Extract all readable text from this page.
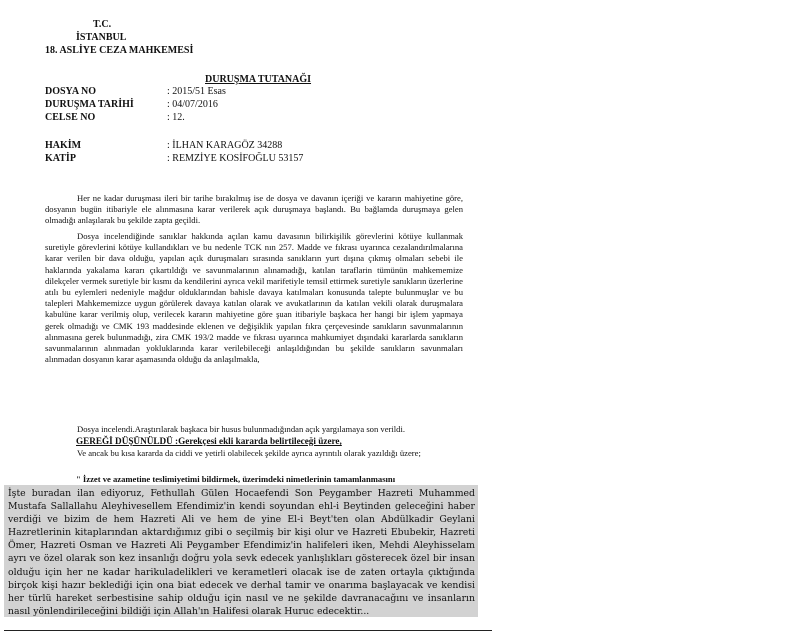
T.C.
İSTANBUL
18. ASLİYE CEZA MAHKEMESİ
DURUŞMA TUTANAĞI
DOSYA NO	: 2015/51 Esas
DURUŞMA TARİHİ	: 04/07/2016
CELSE NO	: 12.
HAKİM	: İLHAN KARAGÖZ 34288
KATİP	: REMZİYE KOSİFOĞLU 53157

Her ne kadar duruşması ileri bir tarihe bırakılmış ise de dosya ve davanın içeriği ve kararın mahiyetine göre, dosyanın bugün itibariyle ele alınmasına karar verilerek açık duruşmaya başlandı. Bu bağlamda duruşmaya gelen olmadığı anlaşılarak bu şekilde zapta geçildi.

Dosya incelendiğinde sanıklar hakkında açılan kamu davasının bilirkişilik görevlerini kötüye kullanmak suretiyle görevlerini kötüye kullandıkları ve bu nedenle TCK nın 257. Madde ve fıkrası uyarınca cezalandırılmalarına karar verilen bir dava olduğu, yapılan açık duruşmaları sırasında sanıkların yurt dışına çıkmış olmaları sebebi ile haklarında yakalama kararı çıkartıldığı ve savunmalarının alınamadığı, katılan taraflarin tümünün mahkememize dilekçeler vermek suretiyle bir kısmı da kendilerini ayrıca vekil marifetiyle temsil ettirmek suretiyle sanıkların üzerlerine atılı bu eylemleri nedeniyle mağdur olduklarından bahisle davaya katılmaları konusunda talepte bulunmuşlar ve bu talepleri Mahkememizce uygun görülerek davaya katılan olarak ve avukatlarının da katılan vekili olarak duruşmalara kabulüne karar verilmiş olup, verilecek kararın mahiyetine göre şuan itibariyle başkaca her hangi bir işlem yapmaya gerek olmadığı ve CMK 193 maddesinde eklenen ve değişiklik yapılan fıkra çerçevesinde sanıkların savunmalarının alınmasına gerek bulunmadığı, zira CMK 193/2 madde ve fıkrası uyarınca mahkumiyet dışındaki kararlarda sanıkların savunmalarının alınmadan yokluklarında karar verilebileceği anlaşıldığından bu şekilde sanıkların savunmaları alınmadan dosyanın karar aşamasında olduğu da anlaşılmakla,

Dosya incelendi.Araştırılarak başkaca bir husus bulunmadığından açık yargılamaya son verildi.

GEREĞİ DÜŞÜNÜLDÜ :Gerekçesi ekli kararda belirtileceği üzere,

Ve ancak bu kısa kararda da ciddi ve yetirli olabilecek şekilde ayrıca ayrıntılı olarak yazıldığı üzere;

" İzzet ve azametine teslimiyetimi bildirmek, üzerimdeki nimetlerinin tamamlanmasını
İşte buradan ilan ediyoruz, Fethullah Gülen Hocaefendi Son Peygamber Hazreti Muhammed Mustafa Sallallahu Aleyhivesellem Efendimiz'in kendi soyundan ehl-i Beytinden geleceğini haber verdiği ve bizim de hem Hazreti Ali ve hem de yine El-i Beyt'ten olan Abdülkadir Geylani Hazretlerinin kitaplarından aktardığımız gibi o seçilmiş bir kişi olur ve Hazreti Ebubekir, Hazreti Ömer, Hazreti Osman ve Hazreti Ali Peygamber Efendimiz'in halifeleri iken, Mehdi Aleyhisselam ayrı ve özel olarak son kez insanlığı doğru yola sevk edecek yanlışlıkları gösterecek özel bir insan olduğu için her ne kadar harikuladelikleri ve kerametleri olacak ise de zaten ortayla çıktığında birçok kişi hazır beklediği için ona biat edecek ve derhal tamir ve onarıma başlayacak ve kendisi her türlü hareket serbestisine sahip olduğu için nasıl ve ne şekilde davranacağını ve insanların nasıl yönlendirileceğini bildiği için Allah'ın Halifesi olarak Huruc edecektir...
